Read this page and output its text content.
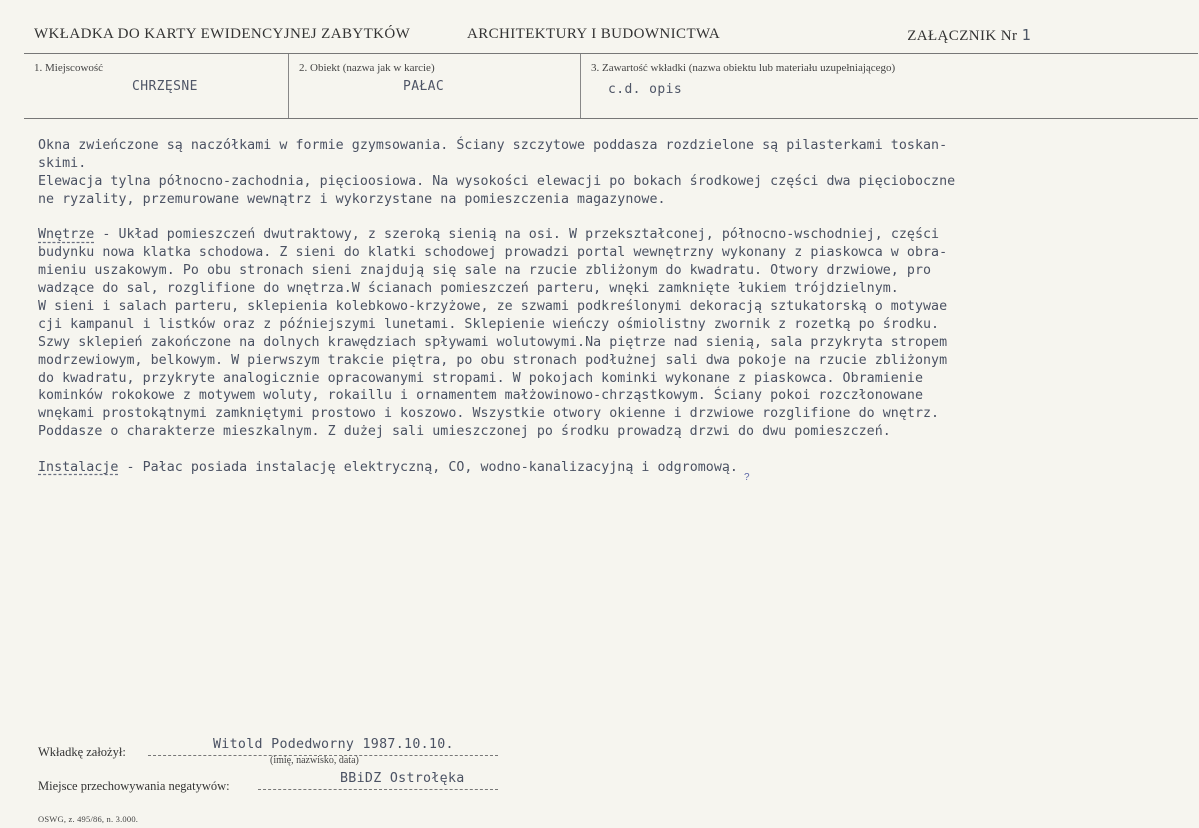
WKŁADKA DO KARTY EWIDENCYJNEJ ZABYTKÓW	ARCHITEKTURY I BUDOWNICTWA	ZAŁĄCZNIK Nr 1
1. Miejscowość
CHRZĘSNE
2. Obiekt (nazwa jak w karcie)
PAŁAC
3. Zawartość wkładki (nazwa obiektu lub materiału uzupełniającego)
c.d. opis
Okna zwieńczone są naczółkami w formie gzymsowania. Ściany szczytowe poddasza rozdzielone są pilasterkami toskan-
skimi.
Elewacja tylna północno-zachodnia, pięcioosiowa. Na wysokości elewacji po bokach środkowej części dwa pięcioboczne
ne ryzality, przemurowane wewnątrz i wykorzystane na pomieszczenia magazynowe.
Wnętrze - Układ pomieszczeń dwutraktowy, z szeroką sienią na osi. W przekształconej, północno-wschodniej, części
budynku nowa klatka schodowa. Z sieni do klatki schodowej prowadzi portal wewnętrzny wykonany z piaskowca w obra-
mieniu uszakowym. Po obu stronach sieni znajdują się sale na rzucie zbliżonym do kwadratu. Otwory drzwiowe, pro
wadzące do sal, rozglifione do wnętrza.W ścianach pomieszczeń parteru, wnęki zamknięte łukiem trójdzielnym.
W sieni i salach parteru, sklepienia kolebkowo-krzyżowe, ze szwami podkreślonymi dekoracją sztukatorską o motywae
cji kampanul i listków oraz z późniejszymi lunetami. Sklepienie wieńczy ośmiolistny zwornik z rozetką po środku.
Szwy sklepień zakończone na dolnych krawędziach spływami wolutowymi.Na piętrze nad sienią, sala przykryta stropem
modrzewiowym, belkowym. W pierwszym trakcie piętra, po obu stronach podłużnej sali dwa pokoje na rzucie zbliżonym
do kwadratu, przykryte analogicznie opracowanymi stropami. W pokojach kominki wykonane z piaskowca. Obramienie
kominków rokokowe z motywem woluty, rokaillu i ornamentem małżowinowo-chrząstkowym. Ściany pokoi rozczłonowane
wnękami prostokątnymi zamkniętymi prostowo i koszowo. Wszystkie otwory okienne i drzwiowe rozglifione do wnętrz.
Poddasze o charakterze mieszkalnym. Z dużej sali umieszczonej po środku prowadzą drzwi do dwu pomieszczeń.
Instalacje - Pałac posiada instalację elektryczną, CO, wodno-kanalizacyjną i odgromową.
?
Wkładkę założył:	Witold Podedworny 1987.10.10.
(imię, nazwisko, data)
Miejsce przechowywania negatywów:	BBiDZ Ostrołęka
OSWG, z. 495/86, n. 3.000.
